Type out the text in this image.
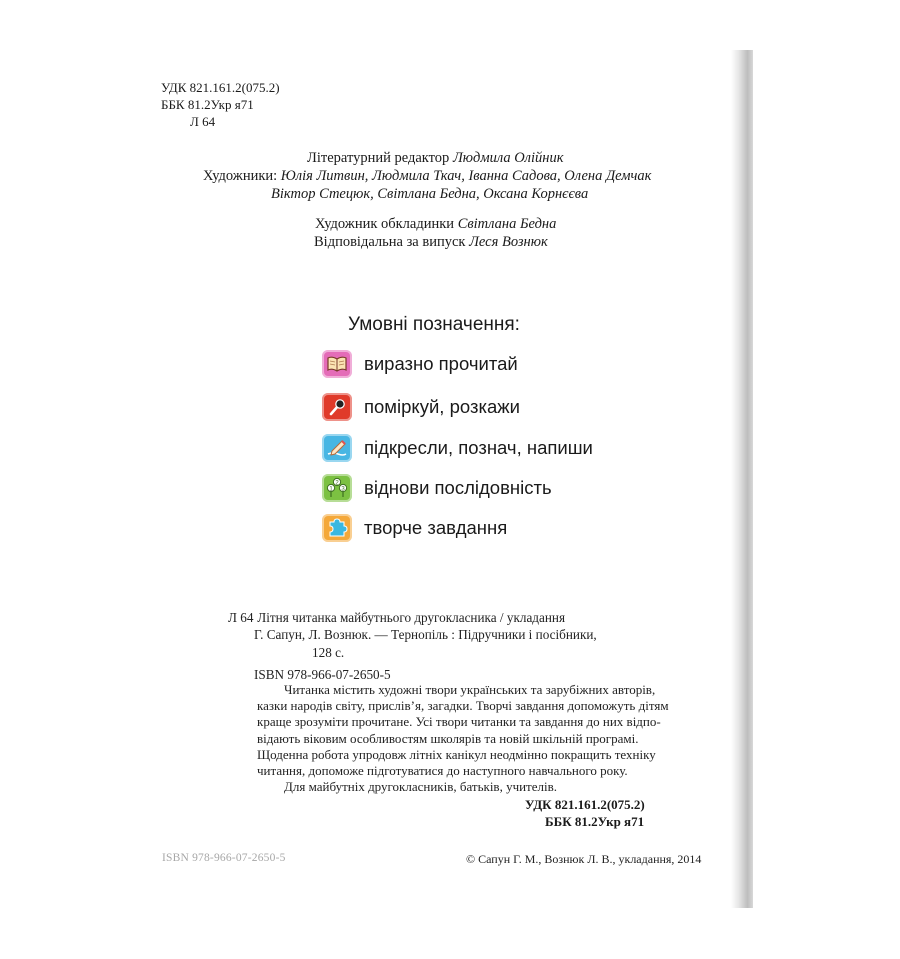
УДК 821.161.2(075.2)
ББК 81.2Укр я71
Л 64
Літературний редактор Людмила Олійник
Художники: Юлія Литвин, Людмила Ткач, Іванна Садова, Олена Демчак
Віктор Стецюк, Світлана Бедна, Оксана Корнєєва
Художник обкладинки Світлана Бедна
Відповідальна за випуск Леся Вознюк
Умовні позначення:
виразно прочитай
поміркуй, розкажи
підкресли, познач, напиши
2
1 3 віднови послідовність
творче завдання
Л 64 Літня читанка майбутнього другокласника / укладання
Г. Сапун, Л. Вознюк. — Тернопіль : Підручники і посібники,
128 с.
ISBN 978-966-07-2650-5
Читанка містить художні твори українських та зарубіжних авторів,
казки народів світу, прислів’я, загадки. Творчі завдання допоможуть дітям
краще зрозуміти прочитане. Усі твори читанки та завдання до них відпо-
відають віковим особливостям школярів та новій шкільній програмі.
Щоденна робота упродовж літніх канікул неодмінно покращить техніку
читання, допоможе підготуватися до наступного навчального року.
Для майбутніх другокласників, батьків, учителів.
УДК 821.161.2(075.2)
ББК 81.2Укр я71
ISBN 978-966-07-2650-5	© Сапун Г. М., Вознюк Л. В., укладання, 2014
